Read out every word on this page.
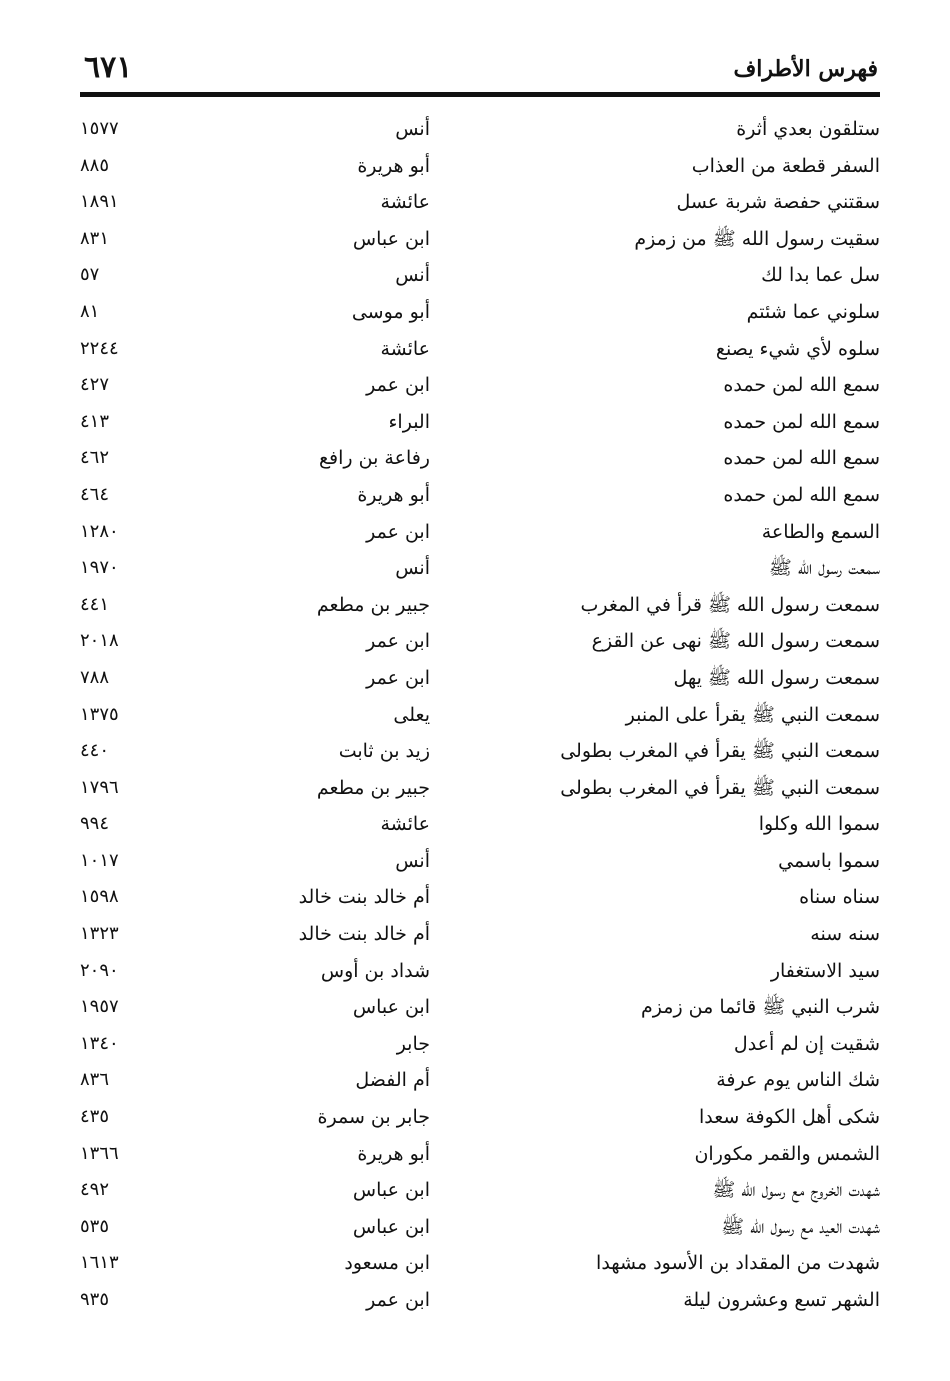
فهرس الأطراف
٦٧١
ستلقون بعدي أثرة
أنس
١٥٧٧
السفر قطعة من العذاب
أبو هريرة
٨٨٥
سقتني حفصة شربة عسل
عائشة
١٨٩١
سقيت رسول الله ﷺ من زمزم
ابن عباس
٨٣١
سل عما بدا لك
أنس
٥٧
سلوني عما شئتم
أبو موسى
٨١
سلوه لأي شيء يصنع
عائشة
٢٢٤٤
سمع الله لمن حمده
ابن عمر
٤٢٧
سمع الله لمن حمده
البراء
٤١٣
سمع الله لمن حمده
رفاعة بن رافع
٤٦٢
سمع الله لمن حمده
أبو هريرة
٤٦٤
السمع والطاعة
ابن عمر
١٢٨٠
سمعت رسول الله ﷺ
أنس
١٩٧٠
سمعت رسول الله ﷺ قرأ في المغرب
جبير بن مطعم
٤٤١
سمعت رسول الله ﷺ نهى عن القزع
ابن عمر
٢٠١٨
سمعت رسول الله ﷺ يهل
ابن عمر
٧٨٨
سمعت النبي ﷺ يقرأ على المنبر
يعلى
١٣٧٥
سمعت النبي ﷺ يقرأ في المغرب بطولى
زيد بن ثابت
٤٤٠
سمعت النبي ﷺ يقرأ في المغرب بطولى
جبير بن مطعم
١٧٩٦
سموا الله وكلوا
عائشة
٩٩٤
سموا باسمي
أنس
١٠١٧
سناه سناه
أم خالد بنت خالد
١٥٩٨
سنه سنه
أم خالد بنت خالد
١٣٢٣
سيد الاستغفار
شداد بن أوس
٢٠٩٠
شرب النبي ﷺ قائما من زمزم
ابن عباس
١٩٥٧
شقيت إن لم أعدل
جابر
١٣٤٠
شك الناس يوم عرفة
أم الفضل
٨٣٦
شكى أهل الكوفة سعدا
جابر بن سمرة
٤٣٥
الشمس والقمر مكوران
أبو هريرة
١٣٦٦
شهدت الخروج مع رسول الله ﷺ
ابن عباس
٤٩٢
شهدت العيد مع رسول الله ﷺ
ابن عباس
٥٣٥
شهدت من المقداد بن الأسود مشهدا
ابن مسعود
١٦١٣
الشهر تسع وعشرون ليلة
ابن عمر
٩٣٥
